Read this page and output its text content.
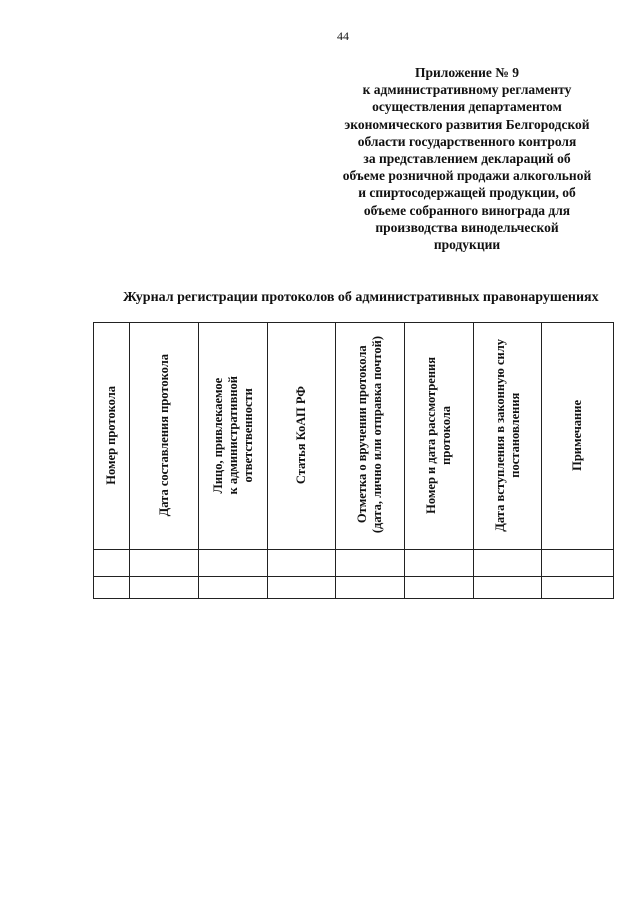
44
Приложение № 9
к административному регламенту
осуществления департаментом
экономического развития Белгородской
области государственного контроля
за представлением деклараций об
объеме розничной продажи алкогольной
и спиртосодержащей продукции, об
объеме собранного винограда для
производства винодельческой
продукции
Журнал регистрации протоколов об административных правонарушениях
Номер протокола	Дата составления протокола	Лицо, привлекаемое
к административной
ответственности	Статья КоАП РФ	Отметка о вручении протокола
(дата, лично или отправка почтой)	Номер и дата рассмотрения
протокола	Дата вступления в законную силу
постановления	Примечание
